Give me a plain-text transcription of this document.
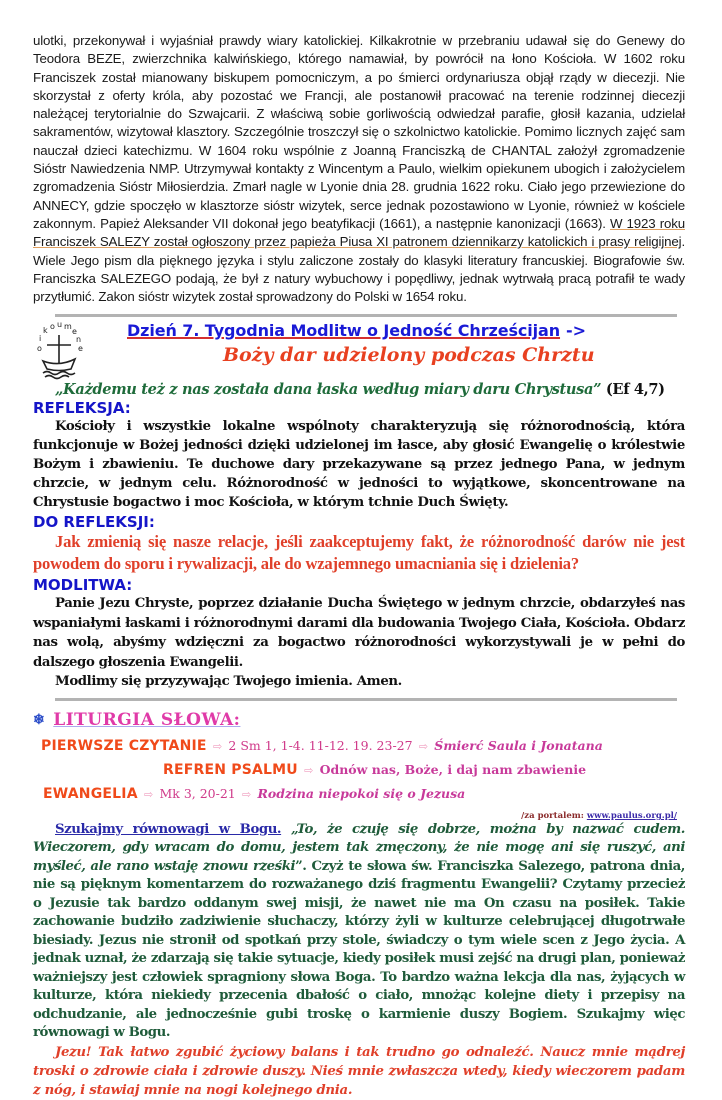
ulotki, przekonywał i wyjaśniał prawdy wiary katolickiej. Kilkakrotnie w przebraniu udawał się do Genewy do Teodora BEZE, zwierzchnika kalwińskiego, którego namawiał, by powrócił na łono Kościoła. W 1602 roku Franciszek został mianowany biskupem pomocniczym, a po śmierci ordynariusza objął rządy w diecezji. Nie skorzystał z oferty króla, aby pozostać we Francji, ale postanowił pracować na terenie rodzinnej diecezji należącej terytorialnie do Szwajcarii. Z właściwą sobie gorliwością odwiedzał parafie, głosił kazania, udzielał sakramentów, wizytował klasztory. Szczególnie troszczył się o szkolnictwo katolickie. Pomimo licznych zajęć sam nauczał dzieci katechizmu. W 1604 roku wspólnie z Joanną Franciszką de CHANTAL założył zgromadzenie Sióstr Nawiedzenia NMP. Utrzymywał kontakty z Wincentym a Paulo, wielkim opiekunem ubogich i założycielem zgromadzenia Sióstr Miłosierdzia. Zmarł nagle w Lyonie dnia 28. grudnia 1622 roku. Ciało jego przewiezione do ANNECY, gdzie spoczęło w klasztorze sióstr wizytek, serce jednak pozostawiono w Lyonie, również w kościele zakonnym. Papież Aleksander VII dokonał jego beatyfikacji (1661), a następnie kanonizacji (1663). W 1923 roku Franciszek SALEZY został ogłoszony przez papieża Piusa XI patronem dziennikarzy katolickich i prasy religijnej. Wiele Jego pism dla pięknego języka i stylu zaliczone zostały do klasyki literatury francuskiej. Biografowie św. Franciszka SALEZEGO podają, że był z natury wybuchowy i popędliwy, jednak wytrwałą pracą potrafił te wady przytłumić. Zakon sióstr wizytek został sprowadzony do Polski w 1654 roku.

o
i
k o u m
e
n
e
Dzień 7. Tygodnia Modlitw o Jedność Chrześcijan ->
Boży dar udzielony podczas Chrztu
„Każdemu też z nas została dana łaska według miary daru Chrystusa” (Ef 4,7)
REFLEKSJA:

Kościoły i wszystkie lokalne wspólnoty charakteryzują się różnorodnością, która funkcjonuje w Bożej jedności dzięki udzielonej im łasce, aby głosić Ewangelię o królestwie Bożym i zbawieniu. Te duchowe dary przekazywane są przez jednego Pana, w jednym chrzcie, w jednym celu. Różnorodność w jedności to wyjątkowe, skoncentrowane na Chrystusie bogactwo i moc Kościoła, w którym tchnie Duch Święty.

DO REFLEKSJI:

Jak zmienią się nasze relacje, jeśli zaakceptujemy fakt, że różnorodność darów nie jest powodem do sporu i rywalizacji, ale do wzajemnego umacniania się i dzielenia?

MODLITWA:

Panie Jezu Chryste, poprzez działanie Ducha Świętego w jednym chrzcie, obdarzyłeś nas wspaniałymi łaskami i różnorodnymi darami dla budowania Twojego Ciała, Kościoła. Obdarz nas wolą, abyśmy wdzięczni za bogactwo różnorodności wykorzystywali je w pełni do dalszego głoszenia Ewangelii.

Modlimy się przyzywając Twojego imienia. Amen.

❄ LITURGIA SŁOWA:
PIERWSZE CZYTANIE ⇨ 2 Sm 1, 1-4. 11-12. 19. 23-27 ⇨ Śmierć Saula i Jonatana
REFREN PSALMU ⇨ Odnów nas, Boże, i daj nam zbawienie
EWANGELIA ⇨ Mk 3, 20-21 ⇨ Rodzina niepokoi się o Jezusa
/za portalem: www.paulus.org.pl/

Szukajmy równowagi w Bogu. „To, że czuję się dobrze, można by nazwać cudem. Wieczorem, gdy wracam do domu, jestem tak zmęczony, że nie mogę ani się ruszyć, ani myśleć, ale rano wstaję znowu rześki”. Czyż te słowa św. Franciszka Salezego, patrona dnia, nie są pięknym komentarzem do rozważanego dziś fragmentu Ewangelii? Czytamy przecież o Jezusie tak bardzo oddanym swej misji, że nawet nie ma On czasu na posiłek. Takie zachowanie budziło zadziwienie słuchaczy, którzy żyli w kulturze celebrującej długotrwałe biesiady. Jezus nie stronił od spotkań przy stole, świadczy o tym wiele scen z Jego życia. A jednak uznał, że zdarzają się takie sytuacje, kiedy posiłek musi zejść na drugi plan, ponieważ ważniejszy jest człowiek spragniony słowa Boga. To bardzo ważna lekcja dla nas, żyjących w kulturze, która niekiedy przecenia dbałość o ciało, mnożąc kolejne diety i przepisy na odchudzanie, ale jednocześnie gubi troskę o karmienie duszy Bogiem. Szukajmy więc równowagi w Bogu.

Jezu! Tak łatwo zgubić życiowy balans i tak trudno go odnaleźć. Naucz mnie mądrej troski o zdrowie ciała i zdrowie duszy. Nieś mnie zwłaszcza wtedy, kiedy wieczorem padam z nóg, i stawiaj mnie na nogi kolejnego dnia.
